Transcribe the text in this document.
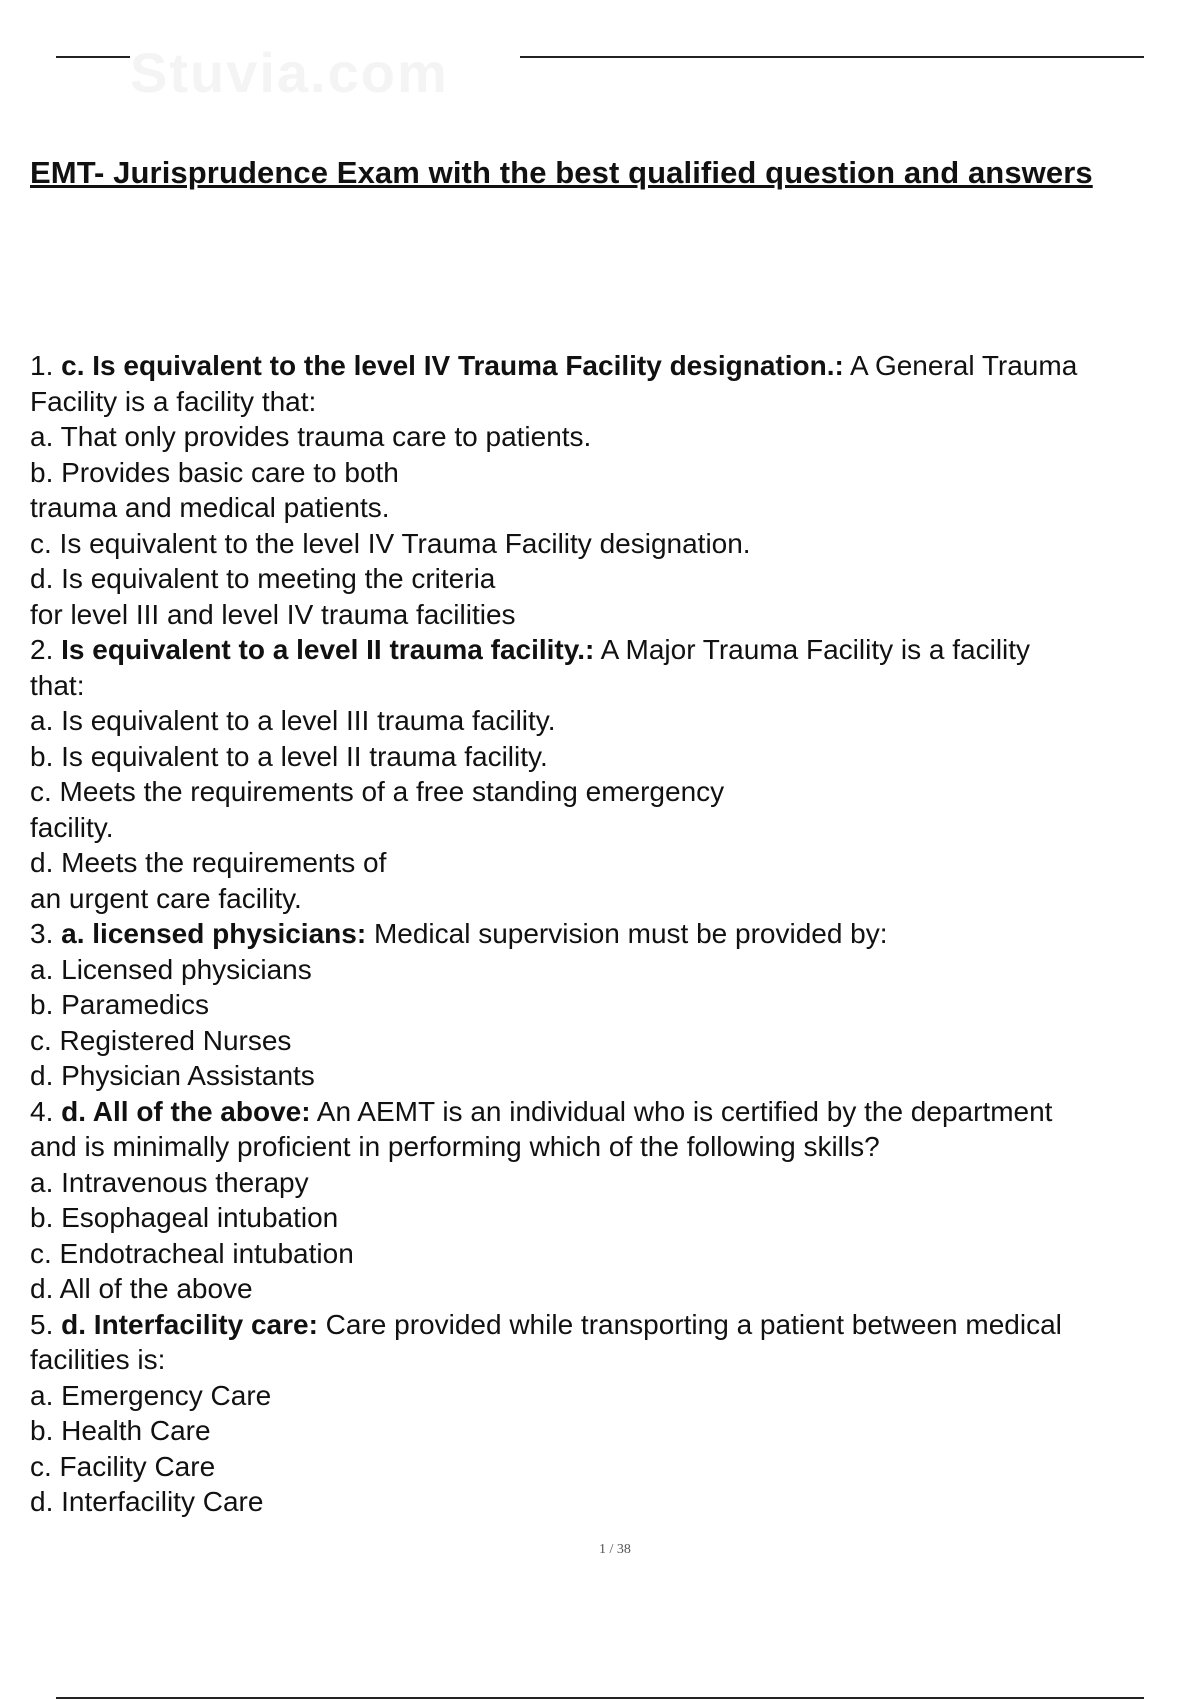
Stuvia.com
EMT- Jurisprudence Exam with the best qualified question and answers
1. c. Is equivalent to the level IV Trauma Facility designation.: A General Trauma
Facility is a facility that:
a. That only provides trauma care to patients.
b. Provides basic care to both
trauma and medical patients.
c. Is equivalent to the level IV Trauma Facility designation.
d. Is equivalent to meeting the criteria
for level III and level IV trauma facilities
2. Is equivalent to a level II trauma facility.: A Major Trauma Facility is a facility
that:
a. Is equivalent to a level III trauma facility.
b. Is equivalent to a level II trauma facility.
c. Meets the requirements of a free standing emergency
facility.
d. Meets the requirements of
an urgent care facility.
3. a. licensed physicians: Medical supervision must be provided by:
a. Licensed physicians
b. Paramedics
c. Registered Nurses
d. Physician Assistants
4. d. All of the above: An AEMT is an individual who is certified by the department
and is minimally proficient in performing which of the following skills?
a. Intravenous therapy
b. Esophageal intubation
c. Endotracheal intubation
d. All of the above
5. d. Interfacility care: Care provided while transporting a patient between medical
facilities is:
a. Emergency Care
b. Health Care
c. Facility Care
d. Interfacility Care
1 / 38
